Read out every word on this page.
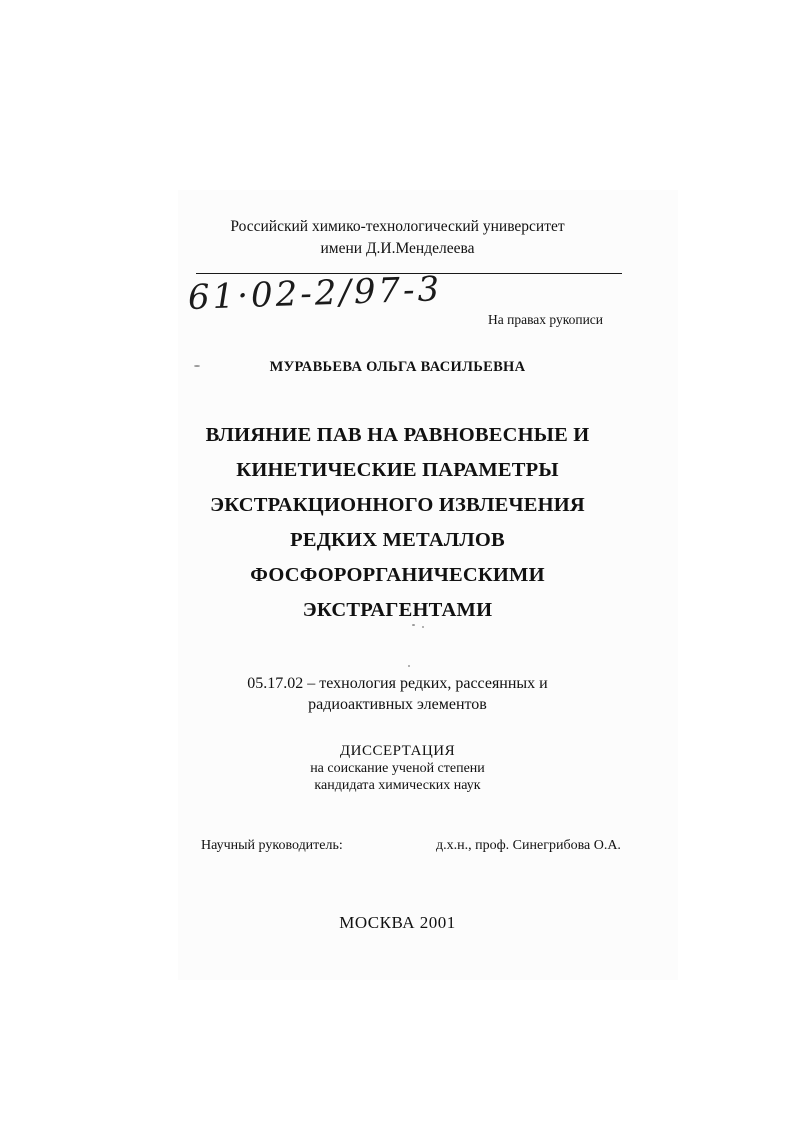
Российский химико-технологический университет
имени Д.И.Менделеева
61·02-2/97-3
На правах рукописи
МУРАВЬЕВА ОЛЬГА ВАСИЛЬЕВНА
ВЛИЯНИЕ ПАВ НА РАВНОВЕСНЫЕ И
КИНЕТИЧЕСКИЕ ПАРАМЕТРЫ
ЭКСТРАКЦИОННОГО ИЗВЛЕЧЕНИЯ
РЕДКИХ МЕТАЛЛОВ
ФОСФОРОРГАНИЧЕСКИМИ
ЭКСТРАГЕНТАМИ
05.17.02 – технология редких, рассеянных и
радиоактивных элементов
ДИССЕРТАЦИЯ
на соискание ученой степени
кандидата химических наук
Научный руководитель:	д.х.н., проф. Синегрибова О.А.
МОСКВА 2001
